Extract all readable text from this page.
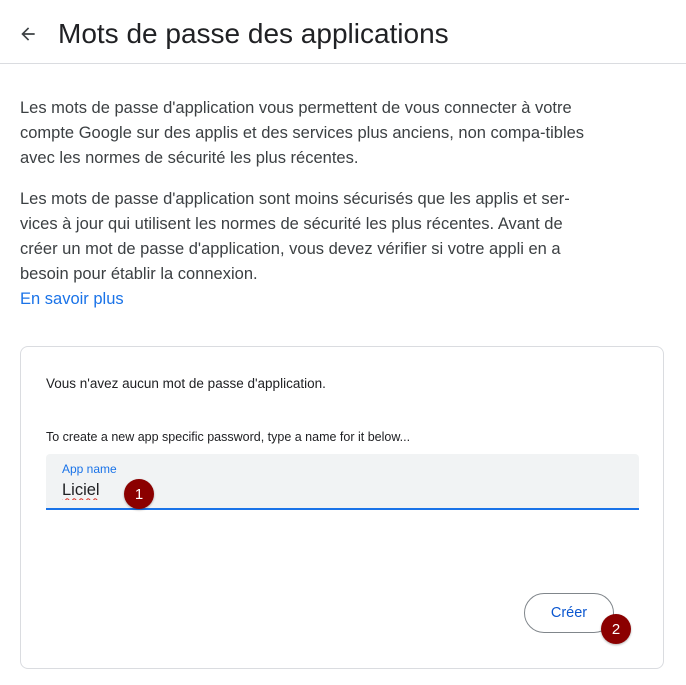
Mots de passe des applications

Les mots de passe d'application vous permettent de vous connecter à votre compte Google sur des applis et des services plus anciens, non compa-tibles avec les normes de sécurité les plus récentes.

Les mots de passe d'application sont moins sécurisés que les applis et ser-vices à jour qui utilisent les normes de sécurité les plus récentes. Avant de créer un mot de passe d'application, vous devez vérifier si votre appli en a besoin pour établir la connexion.

En savoir plus
Vous n'avez aucun mot de passe d'application.
To create a new app specific password, type a name for it below...
App name
Liciel
1
Créer
2
